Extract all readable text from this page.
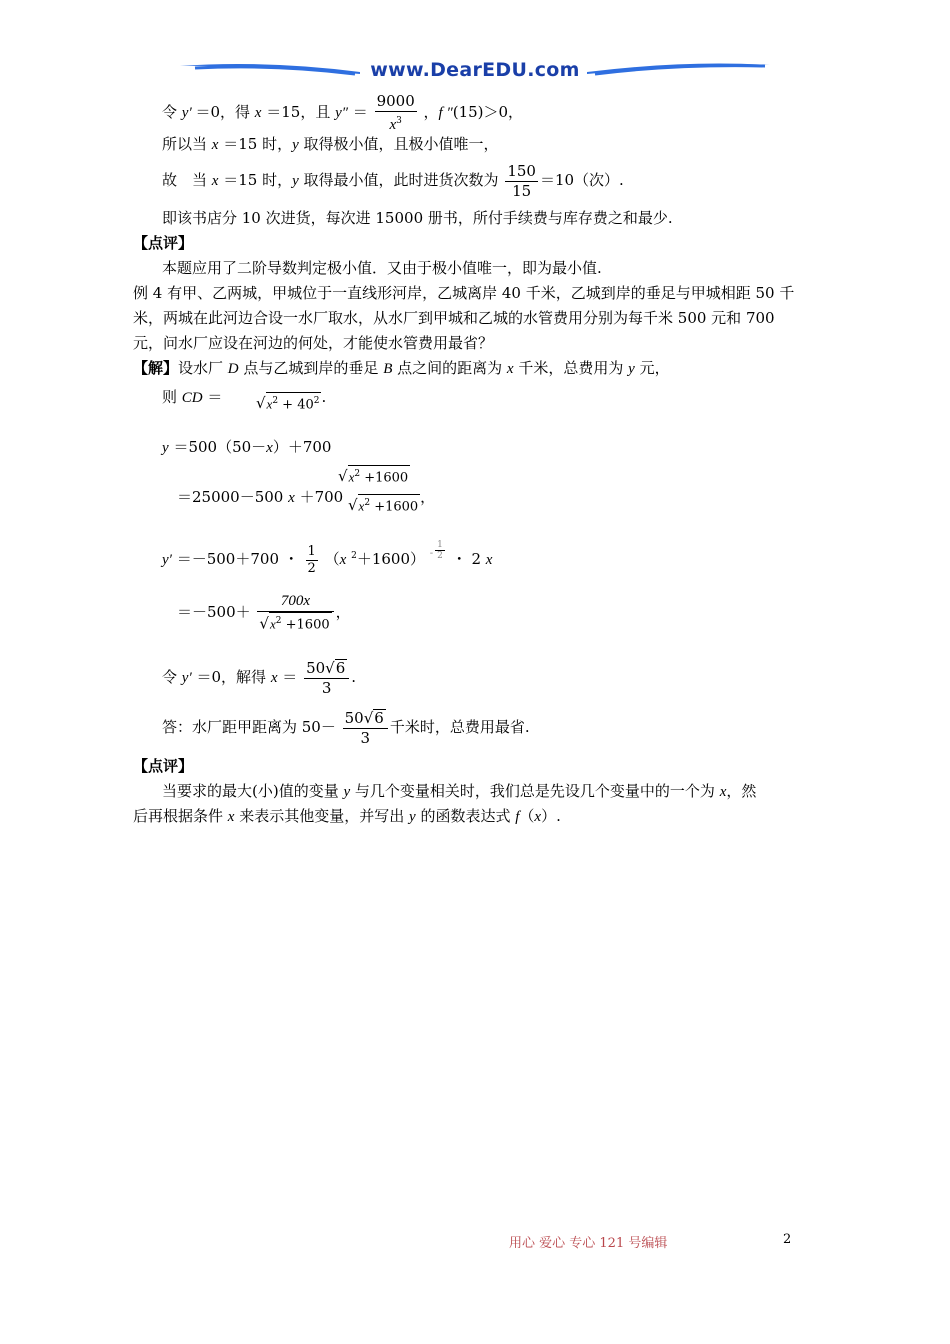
www.DearEDU.com
令 y′ ＝0，得 x ＝15，且 $y'' = \frac{9000}{x^3}$ ，f ″(15)＞0，
所以当 x ＝15 时，y 取得极小值，且极小值唯一，
故　当 x ＝15 时，y 取得最小值，此时进货次数为 $\frac{150}{15} =10$（次）.
即该书店分 10 次进货，每次进 15000 册书，所付手续费与库存费之和最少.
【点评】
本题应用了二阶导数判定极小值．又由于极小值唯一，即为最小值.
例 4 有甲、乙两城，甲城位于一直线形河岸，乙城离岸 40 千米，乙城到岸的垂足与甲城相距 50 千
米，两城在此河边合设一水厂取水，从水厂到甲城和乙城的水管费用分别为每千米 500 元和 700
元，问水厂应设在河边的何处，才能使水管费用最省？
【解】设水厂 D 点与乙城到岸的垂足 B 点之间的距离为 x 千米，总费用为 y 元，
则 CD ＝ $√x^2 + 40^2$ .
y ＝500（50－x）＋700
$√x^2 +1600$
＝25000－500 x ＋700 $√x^2 +1600$，
y′ ＝－500＋700 ・ $\frac{1}{2} (x$ $^2$＋1600） $^- \frac{1}{2}$ ・ 2 x
$=-500+ \frac{700x}{√x^2 +1600}$ ，
令 y′ ＝0，解得 $x = \frac{50√6}{3}$ .
答：水厂距甲距离为 $50- \frac{50√6}{3}$ 千米时，总费用最省.
【点评】
当要求的最大(小)值的变量 y 与几个变量相关时，我们总是先设几个变量中的一个为 x，然
后再根据条件 x 来表示其他变量，并写出 y 的函数表达式 f（x）.
用心 爱心 专心 121 号编辑	2
